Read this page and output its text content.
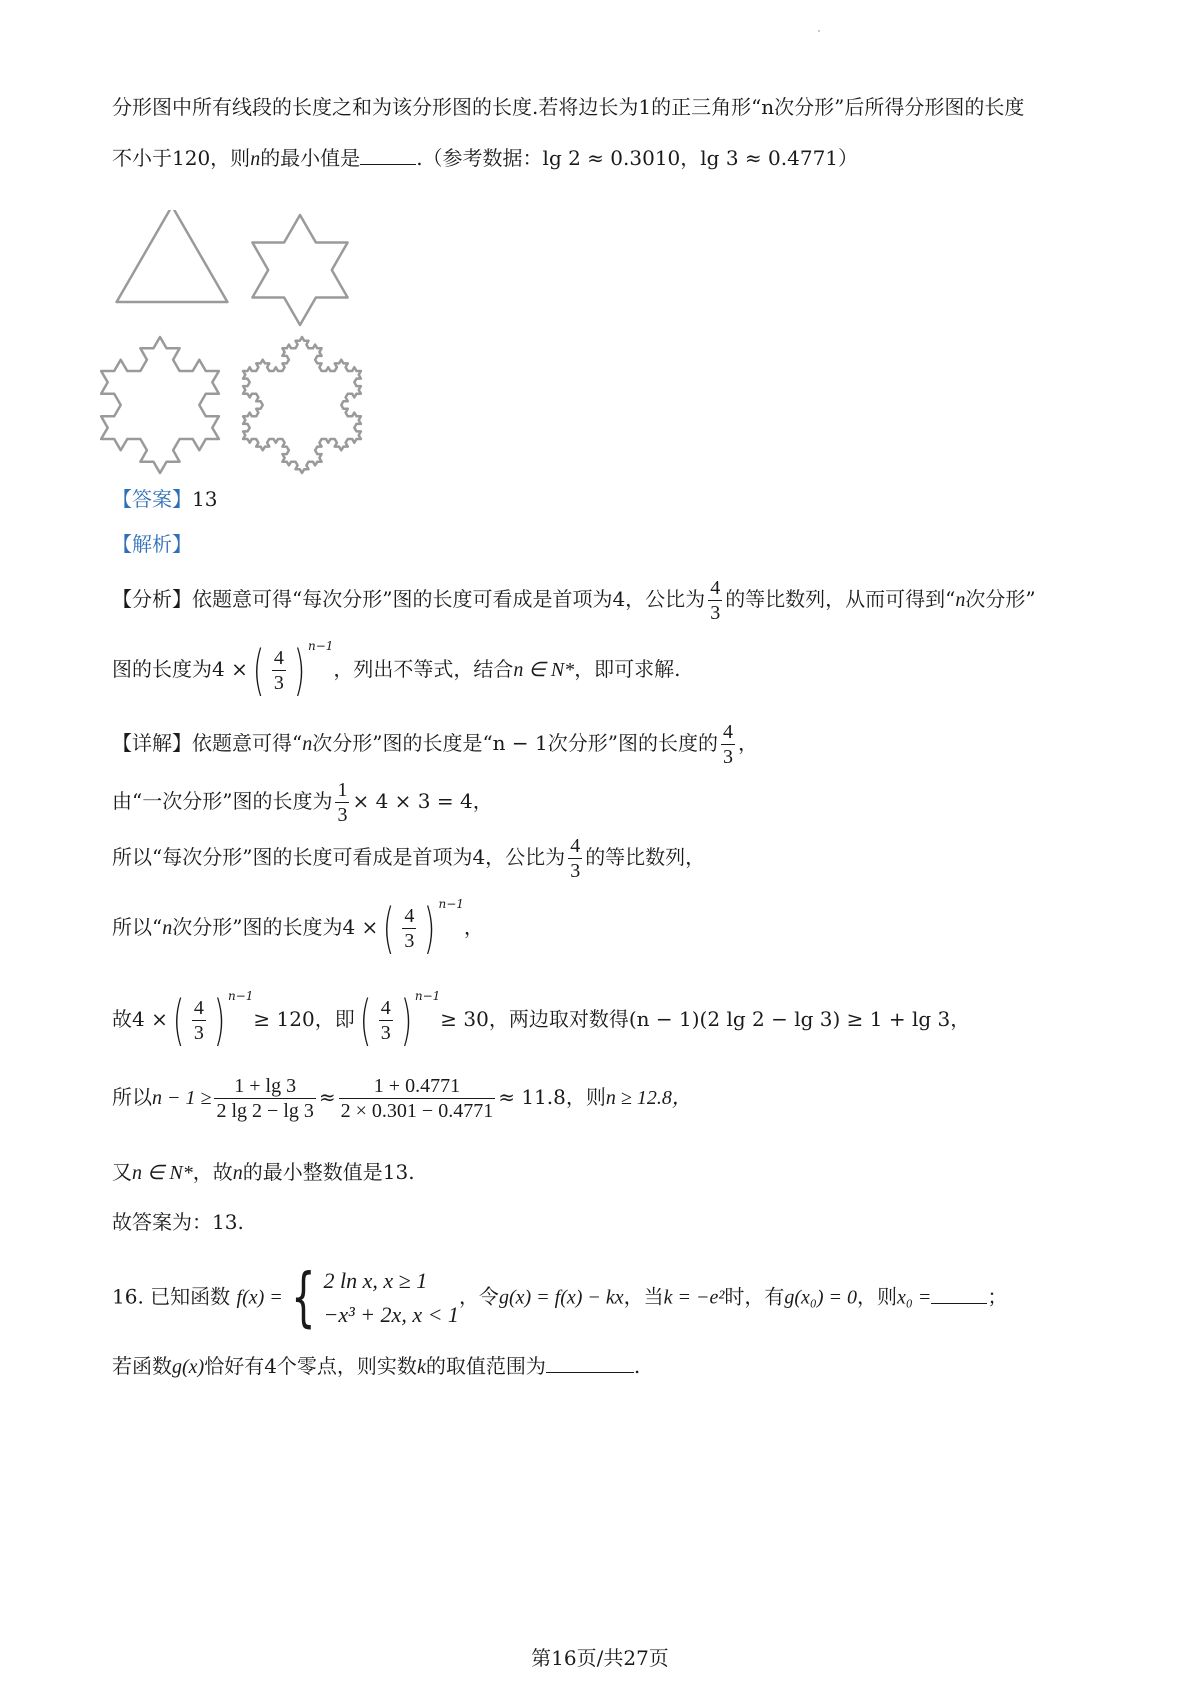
分形图中所有线段的长度之和为该分形图的长度.若将边长为1的正三角形“n次分形”后所得分形图的长度
不小于120，则n的最小值是	.（参考数据：lg 2 ≈ 0.3010，lg 3 ≈ 0.4771）
【答案】13
【解析】
【分析】依题意可得“每次分形”图的长度可看成是首项为4，公比为 $\frac{4}{3}$ 的等比数列，从而可得到“n次分形”
图的长度为4 ×( $\frac{4}{3}$ ) $^{n-1}$，列出不等式，结合n ∈ N*，即可求解.
【详解】依题意可得“n次分形”图的长度是“n − 1次分形”图的长度的 $\frac{4}{3}$ ，
由“一次分形”图的长度为 $\frac{1}{3} \times 4 \times 3 = 4$，
所以“每次分形”图的长度可看成是首项为4，公比为 $\frac{4}{3}$ 的等比数列，
所以“n次分形”图的长度为4 ×( $\frac{4}{3}$ ) $^{n-1}$，
故4 ×( $\frac{4}{3}$ ) $^{n-1}$≥ 120，即( $\frac{4}{3}$ ) $^{n-1}$≥ 30，两边取对数得(n − 1)(2 lg 2 − lg 3) ≥ 1 + lg 3，
所以$n - 1 \ge \frac{1 + \lg 3}{2 \lg 2 - \lg 3} \approx \frac{1 + 0.4771}{2 \times 0.301 - 0.4771} \approx 11.8$，则n ≥ 12.8，
又n ∈ N*，故n的最小整数值是13.
故答案为：13.
16. 已知函数 f(x) = { 2 ln x, x ≥ 1
−x³ + 2x, x < 1
，令g(x) = f(x) − kx，当k = −e²时，有g(x₀) = 0，则x₀ =	；
若函数g(x)恰好有4个零点，则实数k的取值范围为	.
第16页/共27页
